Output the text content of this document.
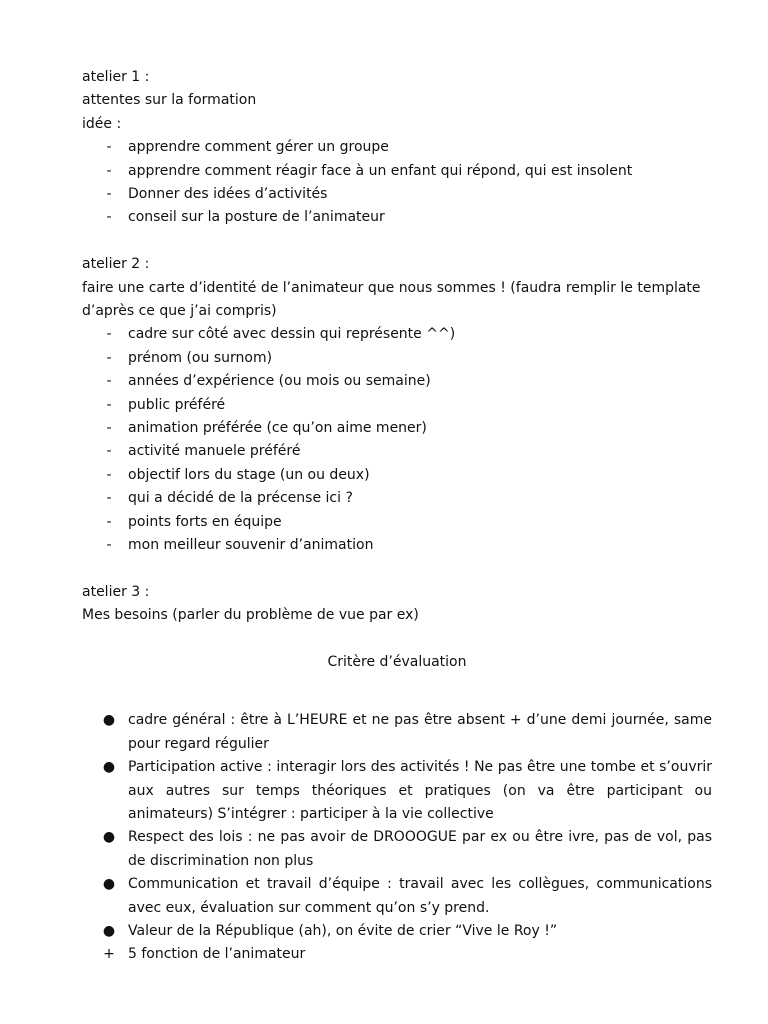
atelier 1 :
attentes sur la formation
idée :
-	apprendre comment gérer un groupe
-	apprendre comment réagir face à un enfant qui répond, qui est insolent
-	Donner des idées d’activités
-	conseil sur la posture de l’animateur
atelier 2 :
faire une carte d’identité de l’animateur que nous sommes ! (faudra remplir le template
d’après ce que j’ai compris)
-	cadre sur côté avec dessin qui représente ^^)
-	prénom (ou surnom)
-	années d’expérience (ou mois ou semaine)
-	public préféré
-	animation préférée (ce qu’on aime mener)
-	activité manuele préféré
-	objectif lors du stage (un ou deux)
-	qui a décidé de la précense ici ?
-	points forts en équipe
-	mon meilleur souvenir d’animation
atelier 3 :
Mes besoins (parler du problème de vue par ex)
Critère d’évaluation
● cadre général : être à L’HEURE et ne pas être absent + d’une demi journée, same pour regard régulier
● Participation active : interagir lors des activités ! Ne pas être une tombe et s’ouvrir aux autres sur temps théoriques et pratiques (on va être participant ou animateurs) S’intégrer : participer à la vie collective
● Respect des lois : ne pas avoir de DROOOGUE par ex ou être ivre, pas de vol, pas de discrimination non plus
● Communication et travail d’équipe : travail avec les collègues, communications avec eux, évaluation sur comment qu’on s’y prend.
● Valeur de la République (ah), on évite de crier “Vive le Roy !”
+ 5 fonction de l’animateur
